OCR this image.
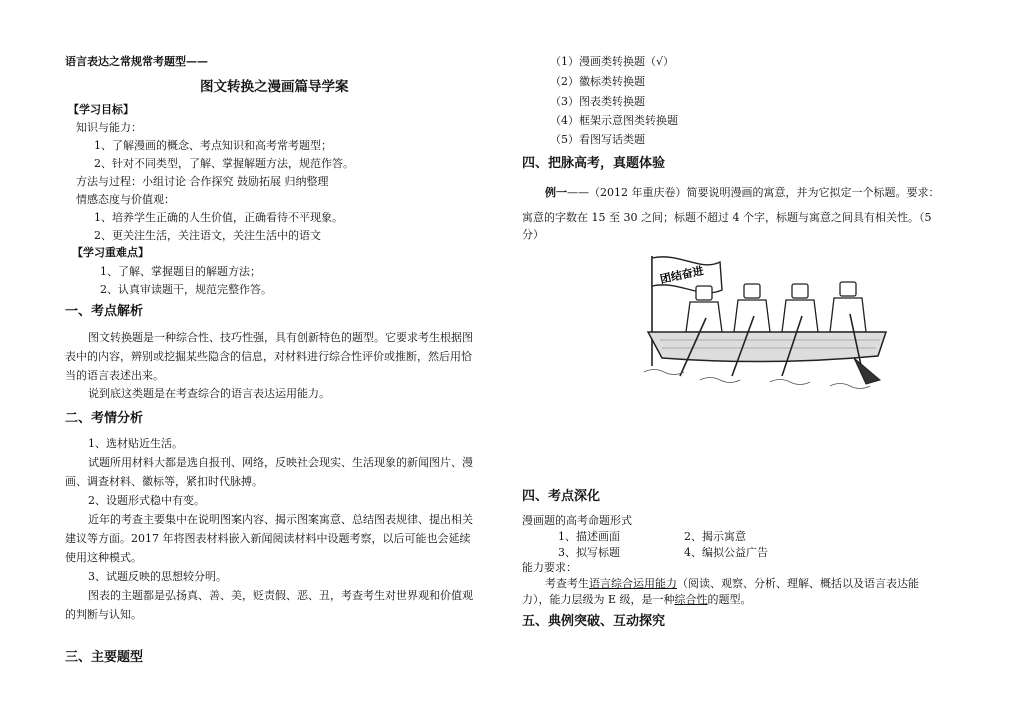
语言表达之常规常考题型——
图文转换之漫画篇导学案
【学习目标】
知识与能力：
1、了解漫画的概念、考点知识和高考常考题型；
2、针对不同类型，了解、掌握解题方法，规范作答。
方法与过程：小组讨论 合作探究 鼓励拓展 归纳整理
情感态度与价值观：
1、培养学生正确的人生价值，正确看待不平现象。
2、更关注生活，关注语文，关注生活中的语文
【学习重难点】
1、了解、掌握题目的解题方法；
2、认真审读题干，规范完整作答。
一、考点解析
图文转换题是一种综合性、技巧性强，具有创新特色的题型。它要求考生根据图
表中的内容，辨别或挖掘某些隐含的信息，对材料进行综合性评价或推断，然后用恰
当的语言表述出来。
说到底这类题是在考查综合的语言表达运用能力。
二、考情分析
1、选材贴近生活。
试题所用材料大都是选自报刊、网络，反映社会现实、生活现象的新闻图片、漫
画、调查材料、徽标等，紧扣时代脉搏。
2、设题形式稳中有变。
近年的考查主要集中在说明图案内容、揭示图案寓意、总结图表规律、提出相关
建议等方面。2017 年将图表材料嵌入新闻阅读材料中设题考察，以后可能也会延续
使用这种模式。
3、试题反映的思想较分明。
图表的主题都是弘扬真、善、美，贬责假、恶、丑，考查考生对世界观和价值观
的判断与认知。
三、主要题型
（1）漫画类转换题（√）
（2）徽标类转换题
（3）图表类转换题
（4）框架示意图类转换题
（5）看图写话类题
四、把脉高考，真题体验
例一——（2012 年重庆卷）简要说明漫画的寓意，并为它拟定一个标题。要求：
寓意的字数在 15 至 30 之间；标题不超过 4 个字，标题与寓意之间具有相关性。（5
分）
团结奋进
四、考点深化
漫画题的高考命题形式
1、描述画面	2、揭示寓意
3、拟写标题	4、编拟公益广告
能力要求：
考查考生语言综合运用能力（阅读、观察、分析、理解、概括以及语言表达能
力），能力层级为 E 级，是一种综合性的题型。
五、典例突破、互动探究
